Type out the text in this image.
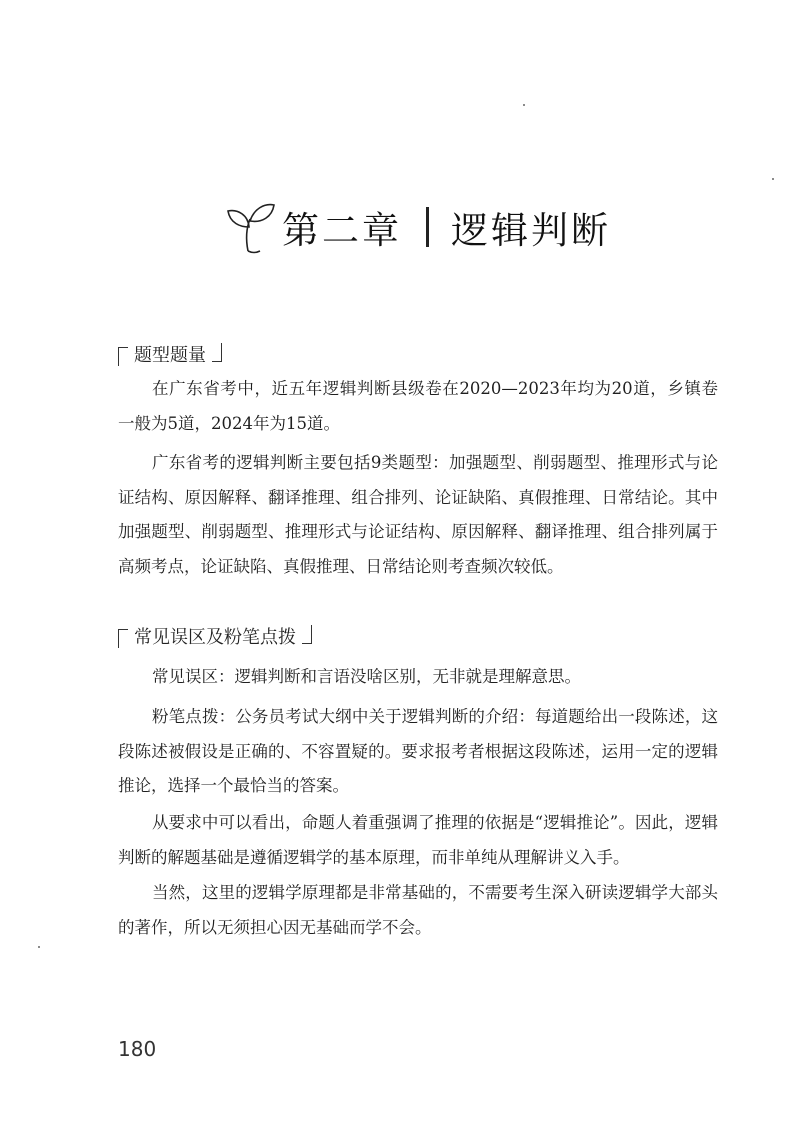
第二章 逻辑判断
题型题量

在广东省考中，近五年逻辑判断县级卷在2020—2023年均为20道，乡镇卷一般为5道，2024年为15道。

广东省考的逻辑判断主要包括9类题型：加强题型、削弱题型、推理形式与论证结构、原因解释、翻译推理、组合排列、论证缺陷、真假推理、日常结论。其中加强题型、削弱题型、推理形式与论证结构、原因解释、翻译推理、组合排列属于高频考点，论证缺陷、真假推理、日常结论则考查频次较低。

常见误区及粉笔点拨

常见误区：逻辑判断和言语没啥区别，无非就是理解意思。

粉笔点拨：公务员考试大纲中关于逻辑判断的介绍：每道题给出一段陈述，这段陈述被假设是正确的、不容置疑的。要求报考者根据这段陈述，运用一定的逻辑推论，选择一个最恰当的答案。

从要求中可以看出，命题人着重强调了推理的依据是“逻辑推论”。因此，逻辑判断的解题基础是遵循逻辑学的基本原理，而非单纯从理解讲义入手。

当然，这里的逻辑学原理都是非常基础的，不需要考生深入研读逻辑学大部头的著作，所以无须担心因无基础而学不会。

180
